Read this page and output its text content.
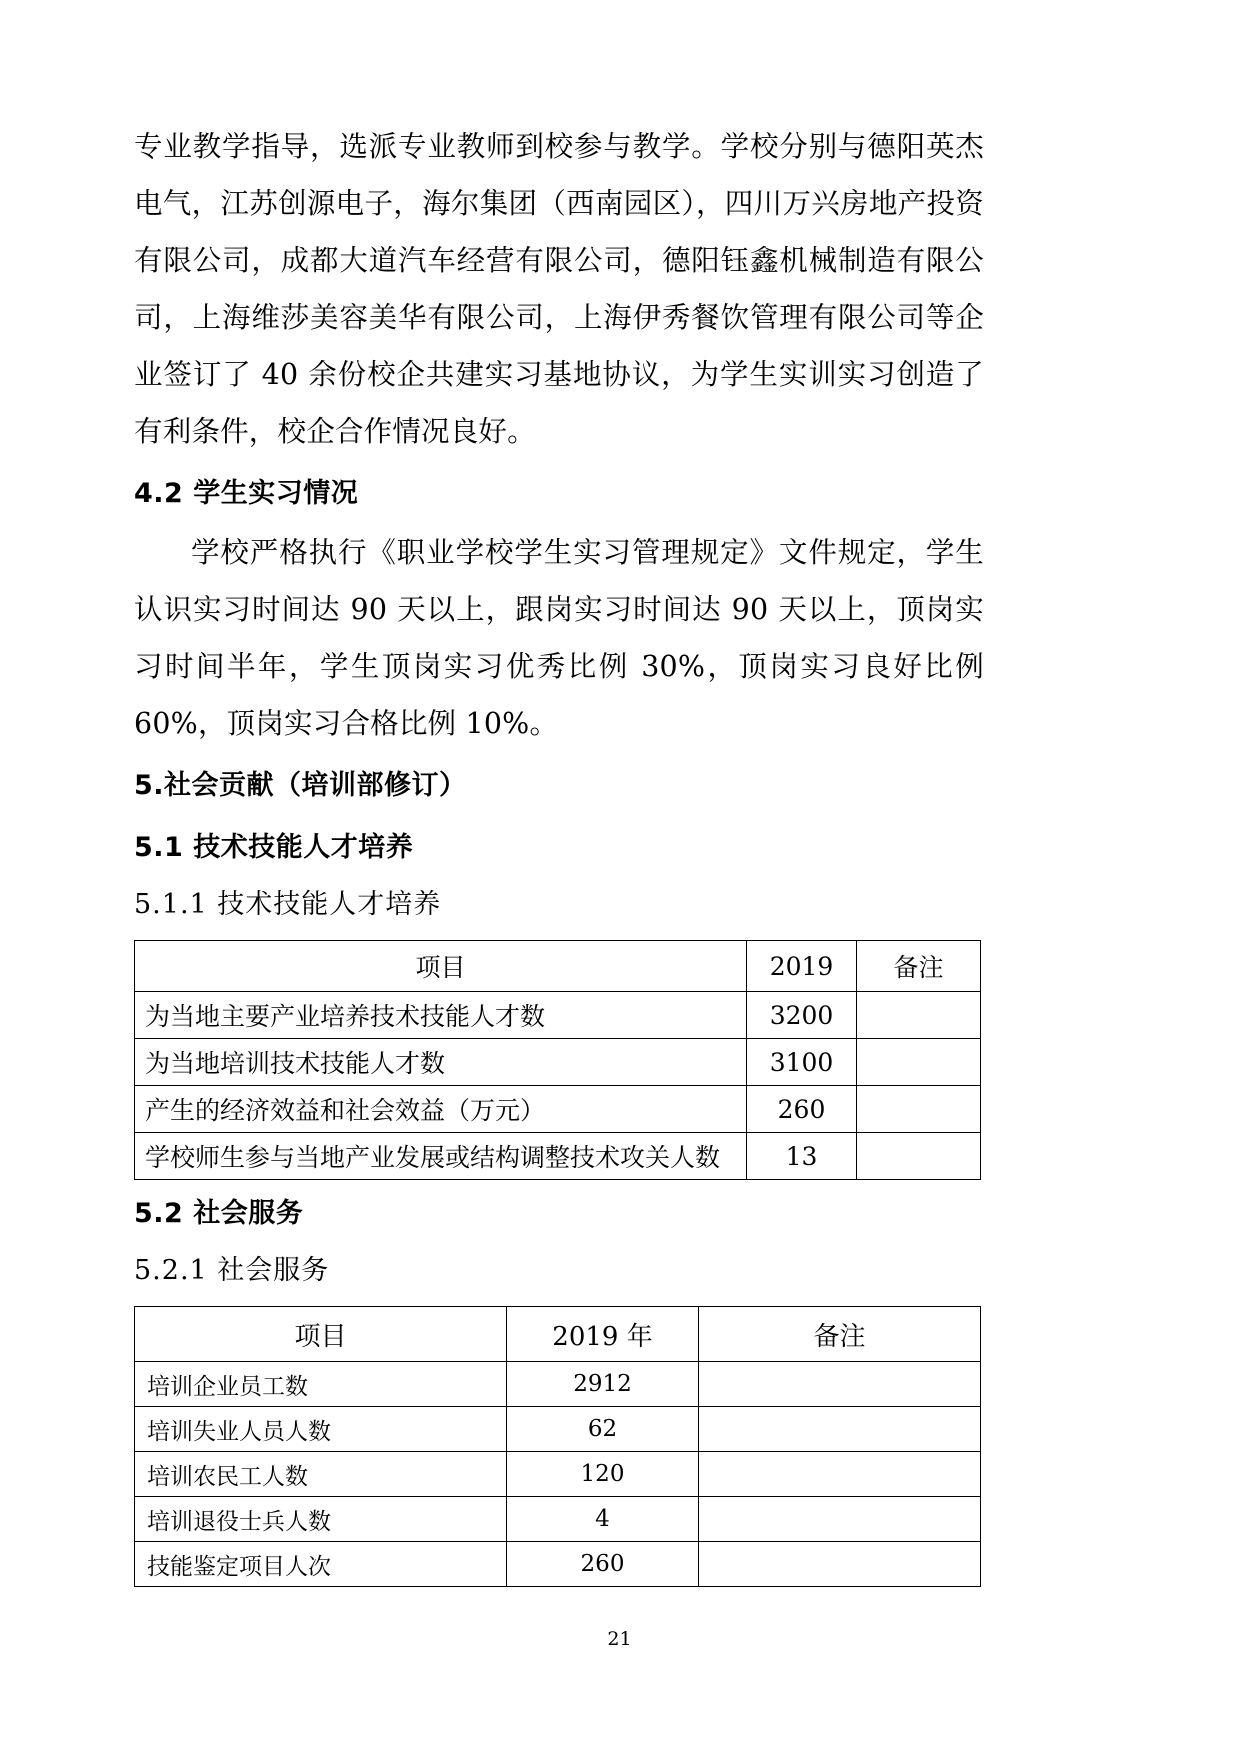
专业教学指导，选派专业教师到校参与教学。学校分别与德阳英杰电气，江苏创源电子，海尔集团（西南园区），四川万兴房地产投资有限公司，成都大道汽车经营有限公司，德阳钰鑫机械制造有限公司，上海维莎美容美华有限公司，上海伊秀餐饮管理有限公司等企业签订了 40 余份校企共建实习基地协议，为学生实训实习创造了有利条件，校企合作情况良好。

4.2 学生实习情况

学校严格执行《职业学校学生实习管理规定》文件规定，学生认识实习时间达 90 天以上，跟岗实习时间达 90 天以上，顶岗实习时间半年，学生顶岗实习优秀比例 30%，顶岗实习良好比例 60%，顶岗实习合格比例 10%。

5.社会贡献（培训部修订）
5.1 技术技能人才培养
5.1.1 技术技能人才培养
项目	2019	备注
为当地主要产业培养技术技能人才数	3200	
为当地培训技术技能人才数	3100	
产生的经济效益和社会效益（万元）	260	
学校师生参与当地产业发展或结构调整技术攻关人数	13	
5.2 社会服务
5.2.1 社会服务
项目	2019 年	备注
培训企业员工数	2912	
培训失业人员人数	62	
培训农民工人数	120	
培训退役士兵人数	4	
技能鉴定项目人次	260	
21
